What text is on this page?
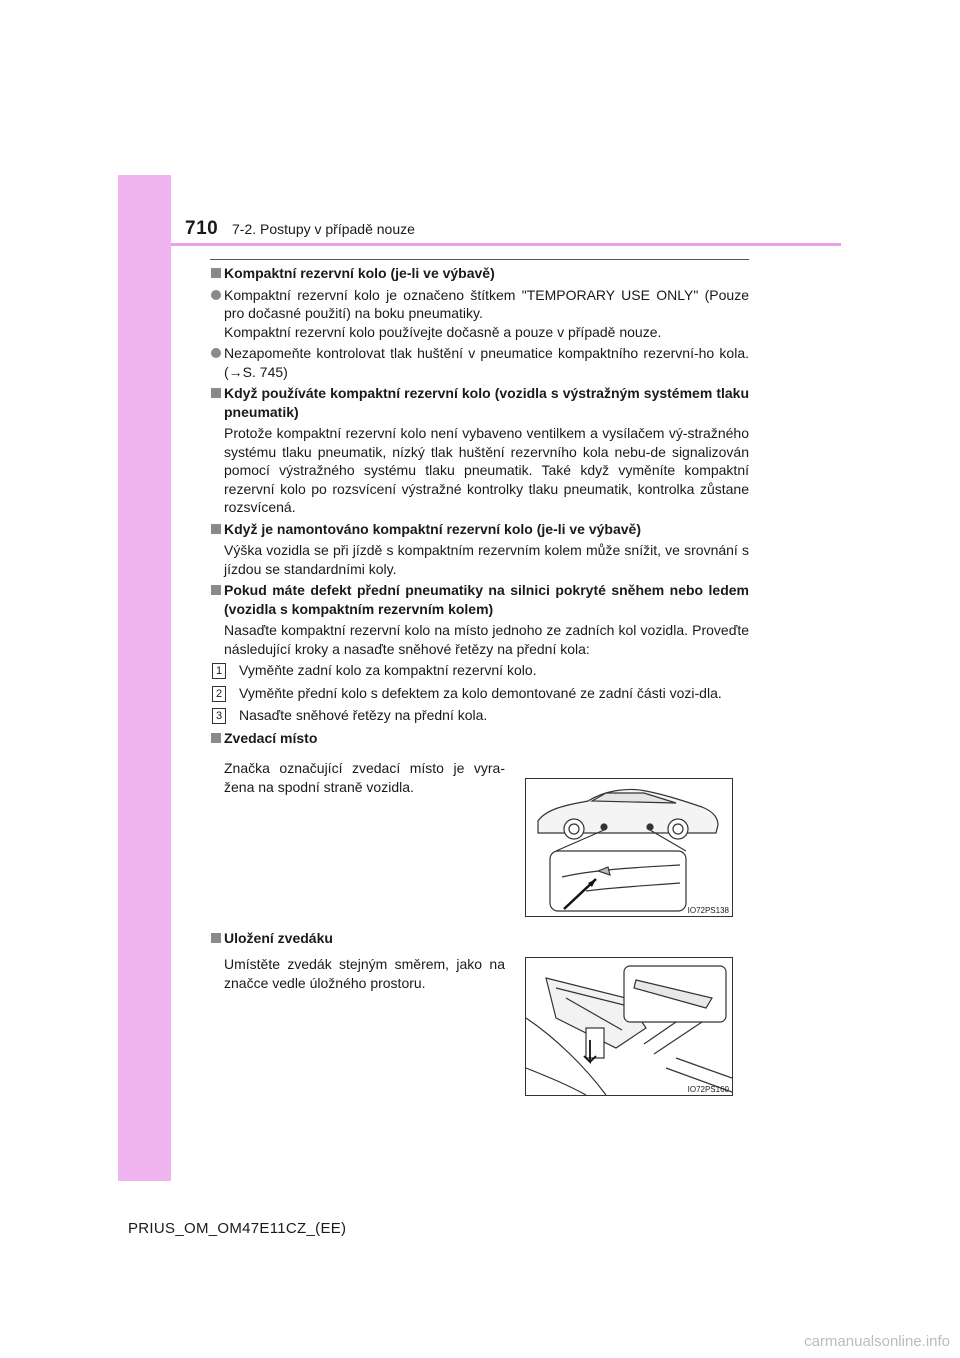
710 7-2. Postupy v případě nouze
Kompaktní rezervní kolo (je-li ve výbavě)
Kompaktní rezervní kolo je označeno štítkem "TEMPORARY USE ONLY" (Pouze pro dočasné použití) na boku pneumatiky.
Kompaktní rezervní kolo používejte dočasně a pouze v případě nouze.
Nezapomeňte kontrolovat tlak huštění v pneumatice kompaktního rezervní-ho kola. (→S. 745)
Když používáte kompaktní rezervní kolo (vozidla s výstražným systémem tlaku pneumatik)
Protože kompaktní rezervní kolo není vybaveno ventilkem a vysílačem vý-stražného systému tlaku pneumatik, nízký tlak huštění rezervního kola nebu-de signalizován pomocí výstražného systému tlaku pneumatik. Také když vyměníte kompaktní rezervní kolo po rozsvícení výstražné kontrolky tlaku pneumatik, kontrolka zůstane rozsvícená.
Když je namontováno kompaktní rezervní kolo (je-li ve výbavě)
Výška vozidla se při jízdě s kompaktním rezervním kolem může snížit, ve srovnání s jízdou se standardními koly.
Pokud máte defekt přední pneumatiky na silnici pokryté sněhem nebo ledem (vozidla s kompaktním rezervním kolem)
Nasaďte kompaktní rezervní kolo na místo jednoho ze zadních kol vozidla. Proveďte následující kroky a nasaďte sněhové řetězy na přední kola:
1 Vyměňte zadní kolo za kompaktní rezervní kolo.
2 Vyměňte přední kolo s defektem za kolo demontované ze zadní části vozi-dla.
3 Nasaďte sněhové řetězy na přední kola.
Zvedací místo
Značka označující zvedací místo je vyra-žena na spodní straně vozidla.
Uložení zvedáku
Umístěte zvedák stejným směrem, jako na značce vedle úložného prostoru.
IO72PS138
IO72PS160
PRIUS_OM_OM47E11CZ_(EE)
carmanualsonline.info
